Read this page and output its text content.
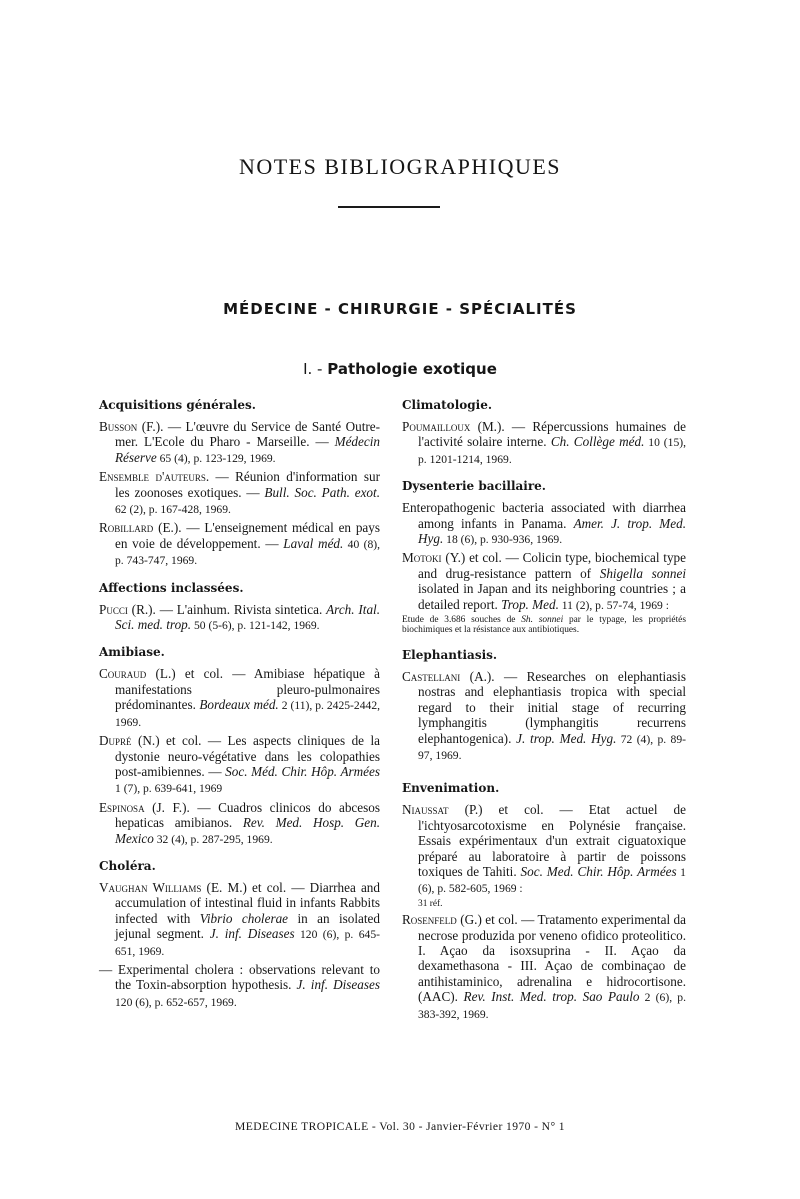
NOTES BIBLIOGRAPHIQUES
MÉDECINE - CHIRURGIE - SPÉCIALITÉS
I. - Pathologie exotique

Acquisitions générales.

Busson (F.). — L'œuvre du Service de Santé Outre-mer. L'Ecole du Pharo - Marseille. — Médecin Réserve 65 (4), p. 123-129, 1969.

Ensemble d'auteurs. — Réunion d'information sur les zoonoses exotiques. — Bull. Soc. Path. exot. 62 (2), p. 167-428, 1969.

Robillard (E.). — L'enseignement médical en pays en voie de développement. — Laval méd. 40 (8), p. 743-747, 1969.

Affections inclassées.

Pucci (R.). — L'ainhum. Rivista sintetica. Arch. Ital. Sci. med. trop. 50 (5-6), p. 121-142, 1969.

Amibiase.

Couraud (L.) et col. — Amibiase hépatique à manifestations pleuro-pulmonaires prédominantes. Bordeaux méd. 2 (11), p. 2425-2442, 1969.

Dupré (N.) et col. — Les aspects cliniques de la dystonie neuro-végétative dans les colopathies post-amibiennes. — Soc. Méd. Chir. Hôp. Armées 1 (7), p. 639-641, 1969

Espinosa (J. F.). — Cuadros clinicos do abcesos hepaticas amibianos. Rev. Med. Hosp. Gen. Mexico 32 (4), p. 287-295, 1969.

Choléra.

Vaughan Williams (E. M.) et col. — Diarrhea and accumulation of intestinal fluid in infants Rabbits infected with Vibrio cholerae in an isolated jejunal segment. J. inf. Diseases 120 (6), p. 645-651, 1969.

— Experimental cholera : observations relevant to the Toxin-absorption hypothesis. J. inf. Diseases 120 (6), p. 652-657, 1969.

Climatologie.

Poumailloux (M.). — Répercussions humaines de l'activité solaire interne. Ch. Collège méd. 10 (15), p. 1201-1214, 1969.

Dysenterie bacillaire.

Enteropathogenic bacteria associated with diarrhea among infants in Panama. Amer. J. trop. Med. Hyg. 18 (6), p. 930-936, 1969.

Motoki (Y.) et col. — Colicin type, biochemical type and drug-resistance pattern of Shigella sonnei isolated in Japan and its neighboring countries ; a detailed report. Trop. Med. 11 (2), p. 57-74, 1969 :

Etude de 3.686 souches de Sh. sonnei par le typage, les propriétés biochimiques et la résistance aux antibiotiques.

Elephantiasis.

Castellani (A.). — Researches on elephantiasis nostras and elephantiasis tropica with special regard to their initial stage of recurring lymphangitis (lymphangitis recurrens elephantogenica). J. trop. Med. Hyg. 72 (4), p. 89-97, 1969.

Envenimation.

Niaussat (P.) et col. — Etat actuel de l'ichtyosarcotoxisme en Polynésie française. Essais expérimentaux d'un extrait ciguatoxique préparé au laboratoire à partir de poissons toxiques de Tahiti. Soc. Med. Chir. Hôp. Armées 1 (6), p. 582-605, 1969 :

31 réf.

Rosenfeld (G.) et col. — Tratamento experimental da necrose produzida por veneno ofidico proteolitico. I. Açao da isoxsuprina - II. Açao da dexamethasona - III. Açao de combinaçao de antihistaminico, adrenalina e hidrocortisone. (AAC). Rev. Inst. Med. trop. Sao Paulo 2 (6), p. 383-392, 1969.

MEDECINE TROPICALE - Vol. 30 - Janvier-Février 1970 - N° 1
